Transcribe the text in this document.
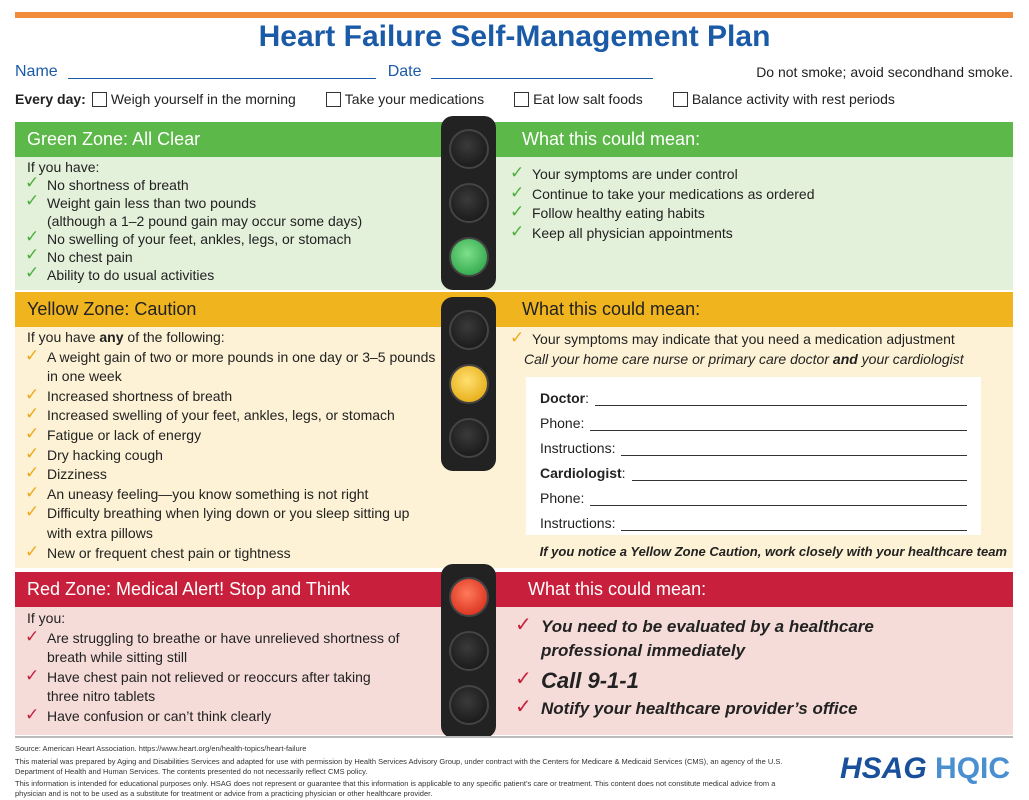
Heart Failure Self-Management Plan
Name	Date	Do not smoke; avoid secondhand smoke.
Every day: Weigh yourself in the morning	Take your medications	Eat low salt foods	Balance activity with rest periods
Green Zone: All Clear	What this could mean:
If you have:
✓ No shortness of breath
✓ Weight gain less than two pounds
(although a 1–2 pound gain may occur some days)
✓ No swelling of your feet, ankles, legs, or stomach
✓ No chest pain
✓ Ability to do usual activities
✓ Your symptoms are under control
✓ Continue to take your medications as ordered
✓ Follow healthy eating habits
✓ Keep all physician appointments
Yellow Zone: Caution	What this could mean:
If you have any of the following:
✓ A weight gain of two or more pounds in one day or 3–5 pounds in one week
✓ Increased shortness of breath
✓ Increased swelling of your feet, ankles, legs, or stomach
✓ Fatigue or lack of energy
✓ Dry hacking cough
✓ Dizziness
✓ An uneasy feeling—you know something is not right
✓ Difficulty breathing when lying down or you sleep sitting up with extra pillows
✓ New or frequent chest pain or tightness
✓ Your symptoms may indicate that you need a medication adjustment
Call your home care nurse or primary care doctor and your cardiologist
Doctor :
Phone:
Instructions:
Cardiologist :
Phone:
Instructions:
If you notice a Yellow Zone Caution, work closely with your healthcare team
Red Zone: Medical Alert! Stop and Think	What this could mean:
If you:
✓ Are struggling to breathe or have unrelieved shortness of breath while sitting still
✓ Have chest pain not relieved or reoccurs after taking three nitro tablets
✓ Have confusion or can’t think clearly
✓ You need to be evaluated by a healthcare professional immediately
✓ Call 9-1-1
✓ Notify your healthcare provider’s office
Source: American Heart Association. https://www.heart.org/en/health-topics/heart-failure
This material was prepared by Aging and Disabilities Services and adapted for use with permission by Health Services Advisory Group, under contract with the Centers for Medicare & Medicaid Services (CMS), an agency of the U.S. Department of Health and Human Services. The contents presented do not necessarily reflect CMS policy.
This information is intended for educational purposes only. HSAG does not represent or guarantee that this information is applicable to any specific patient’s care or treatment. This content does not constitute medical advice from a physician and is not to be used as a substitute for treatment or advice from a practicing physician or other healthcare provider.
HSAG HQIC
